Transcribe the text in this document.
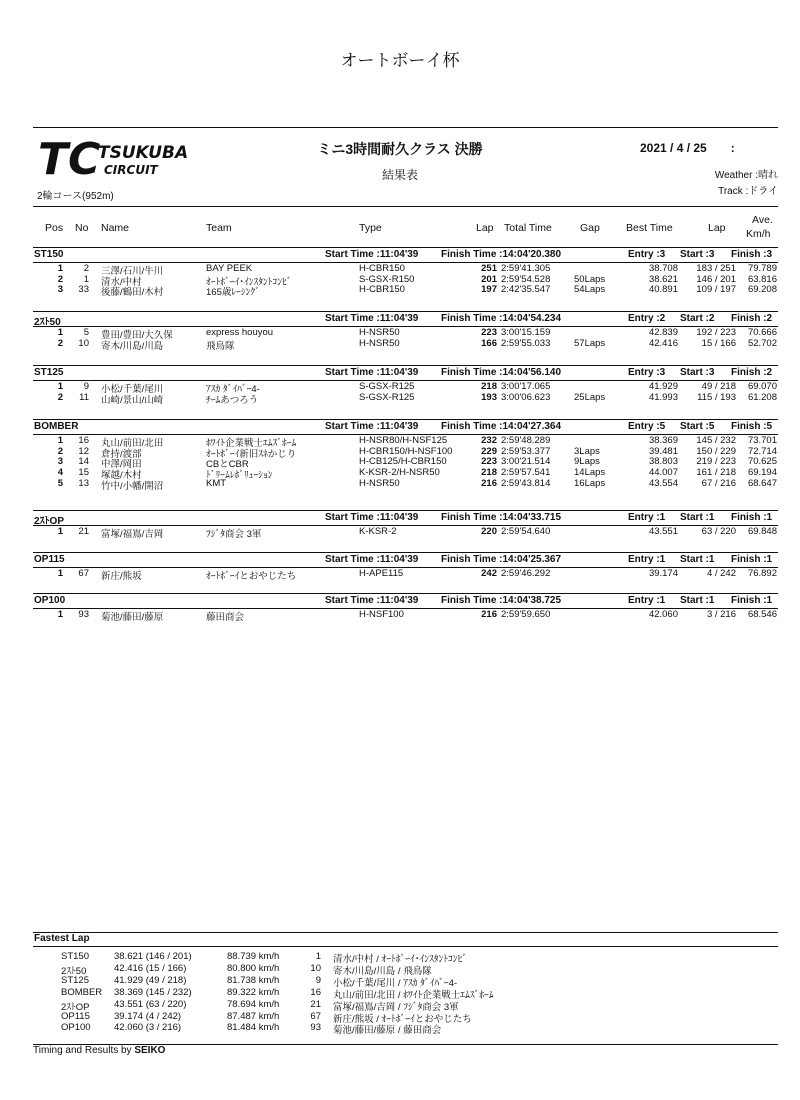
オートボーイ杯
TC
TSUKUBA
CIRCUIT
2輪コース(952m)
ミニ3時間耐久クラス 決勝
結果表
2021 / 4 / 25　　:
Weather :晴れ
Track :ドライ
Pos No Name	Team	Type	Lap Total Time	Gap Best Time	Lap
Ave.
Km/h
ST150	Start Time :11:04'39 Finish Time :14:04'20.380	Entry :3 Start :3 Finish :3
1	2 三澤/石川/牛川	BAY PEEK	H-CBR150	251 2:59'41.305	38.708	183 / 251	79.789
2	1 清水/中村	ｵｰﾄﾎﾞｰｲ･ｲﾝｽﾀﾝﾄｺﾝﾋﾞ	S-GSX-R150	201 2:59'54.528 50Laps	38.621	146 / 201	63.816
3	33 後藤/鶴田/木村	165歳ﾚｰｼﾝｸﾞ	H-CBR150	197 2:42'35.547 54Laps	40.891	109 / 197	69.208
2ｽﾄ50	Start Time :11:04'39 Finish Time :14:04'54.234	Entry :2 Start :2 Finish :2
1	5 豊田/豊田/大久保	express houyou	H-NSR50	223 3:00'15.159	42.839	192 / 223	70.666
2	10 寄木/川島/川島	飛鳥隊	H-NSR50	166 2:59'55.033 57Laps	42.416	15 / 166	52.702
ST125	Start Time :11:04'39 Finish Time :14:04'56.140	Entry :3 Start :3 Finish :2
1	9 小松/千葉/尾川	ｱｽｶ ﾀﾞｲﾊﾞｰ4-	S-GSX-R125	218 3:00'17.065	41.929	49 / 218	69.070
2	11 山崎/景山/山崎	ﾁｰﾑあつろう	S-GSX-R125	193 3:00'06.623 25Laps	41.993	115 / 193	61.208
BOMBER	Start Time :11:04'39 Finish Time :14:04'27.364	Entry :5 Start :5 Finish :5
1	16 丸山/前田/北田	ﾎﾜｲﾄ企業戦士ｴﾑｽﾞﾎｰﾑ	H-NSR80/H-NSF125	232 2:59'48.289	38.369	145 / 232	73.701
2	12 倉持/渡部	ｵｰﾄﾎﾞｰｲ新旧ｽﾈかじり	H-CBR150/H-NSF100	229 2:59'53.377 3Laps	39.481	150 / 229	72.714
3	14 中澤/岡田	CBとCBR	H-CB125/H-CBR150	223 3:00'21.514 9Laps	38.803	219 / 223	70.625
4	15 塚越/木村	ﾄﾞﾘｰﾑﾚﾎﾞﾘｭｰｼｮﾝ	K-KSR-2/H-NSR50	218 2:59'57.541 14Laps	44.007	161 / 218	69.194
5	13 竹中/小幡/開沼	KMT	H-NSR50	216 2:59'43.814 16Laps	43.554	67 / 216	68.647
2ｽﾄOP	Start Time :11:04'39 Finish Time :14:04'33.715	Entry :1 Start :1 Finish :1
1	21 富塚/福嶌/吉岡	ﾌｼﾞﾀ商会 3軍	K-KSR-2	220 2:59'54.640	43.551	63 / 220	69.848
OP115	Start Time :11:04'39 Finish Time :14:04'25.367	Entry :1 Start :1 Finish :1
1	67 新庄/熊坂	ｵｰﾄﾎﾞｰｲとおやじたち	H-APE115	242 2:59'46.292	39.174	4 / 242	76.892
OP100	Start Time :11:04'39 Finish Time :14:04'38.725	Entry :1 Start :1 Finish :1
1	93 菊池/藤田/藤原	藤田商会	H-NSF100	216 2:59'59.650	42.060	3 / 216	68.546
Fastest Lap
ST150	38.621 (146 / 201)	88.739 km/h	1 清水/中村 / ｵｰﾄﾎﾞｰｲ･ｲﾝｽﾀﾝﾄｺﾝﾋﾞ
2ｽﾄ50	42.416 (15 / 166)	80.800 km/h	10 寄木/川島/川島 / 飛鳥隊
ST125	41.929 (49 / 218)	81.738 km/h	9 小松/千葉/尾川 / ｱｽｶ ﾀﾞｲﾊﾞｰ4-
BOMBER 38.369 (145 / 232)	89.322 km/h	16 丸山/前田/北田 / ﾎﾜｲﾄ企業戦士ｴﾑｽﾞﾎｰﾑ
2ｽﾄOP	43.551 (63 / 220)	78.694 km/h	21 富塚/福嶌/吉岡 / ﾌｼﾞﾀ商会 3軍
OP115	39.174 (4 / 242)	87.487 km/h	67 新庄/熊坂 / ｵｰﾄﾎﾞｰｲとおやじたち
OP100 42.060 (3 / 216)	81.484 km/h	93 菊池/藤田/藤原 / 藤田商会
Timing and Results by SEIKO
